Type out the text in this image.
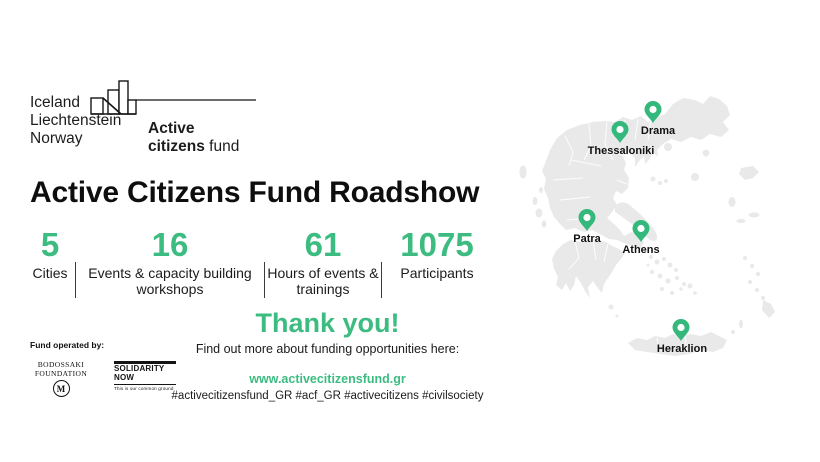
Iceland
Liechtenstein
Norway
Active
citizens fund
Active Citizens Fund Roadshow
5
Cities
16
Events & capacity building workshops
61
Hours of events & trainings
1075
Participants
Thank you!
Find out more about funding opportunities here:
www.activecitizensfund.gr
#activecitizensfund_GR #acf_GR #activecitizens #civilsociety
Fund operated by:
BODOSSAKI
FOUNDATION
M
SOLIDARITY
NOW
This is our common ground
Drama
Thessaloniki
Patra
Athens
Heraklion
